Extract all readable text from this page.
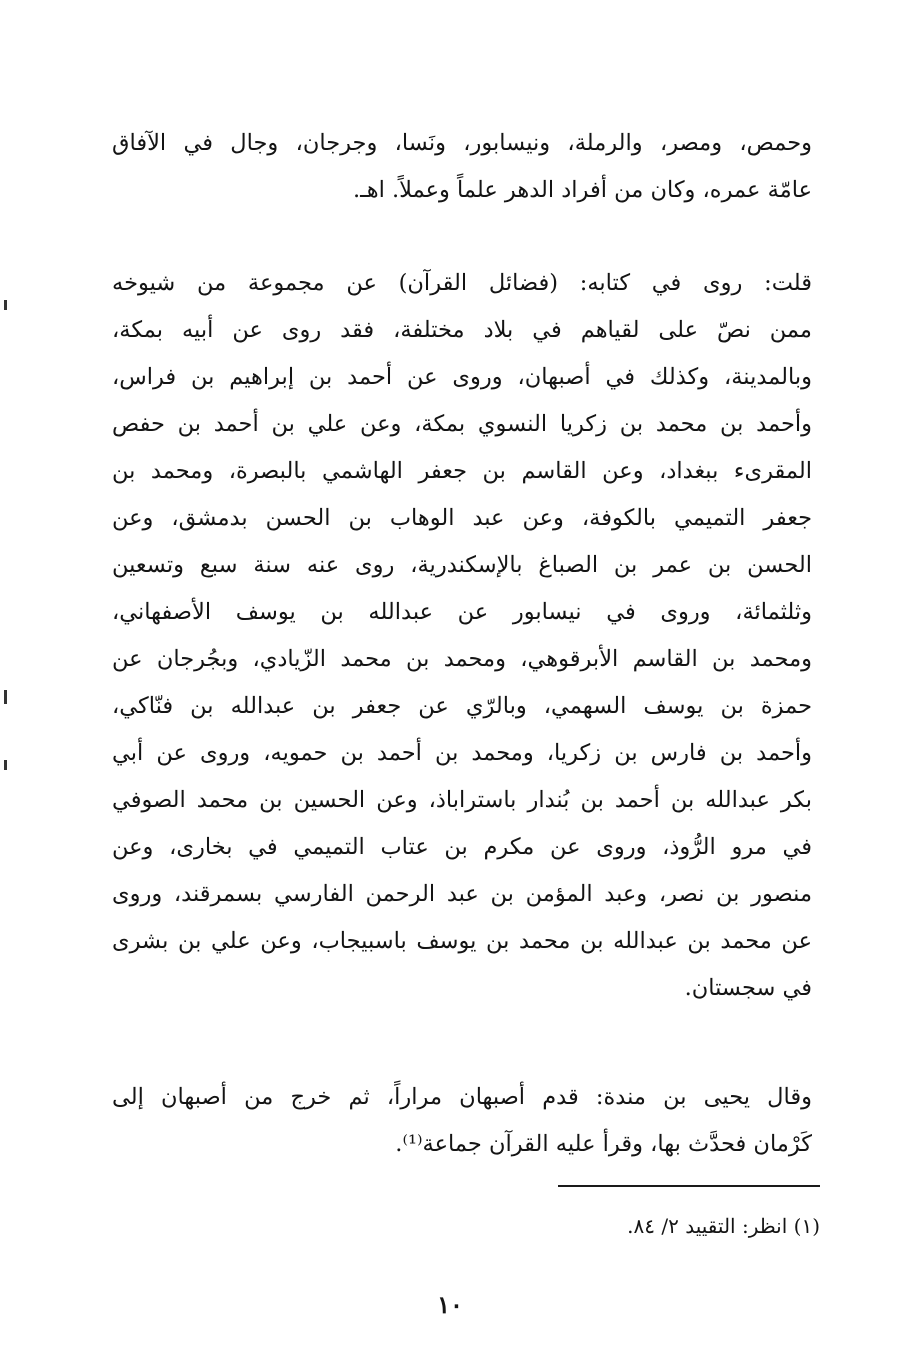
وحمص، ومصر، والرملة، ونيسابور، ونَسا، وجرجان، وجال في الآفاق
عامّة عمره، وكان من أفراد الدهر علماً وعملاً. اهـ.
قلت: روى في كتابه: (فضائل القرآن) عن مجموعة من شيوخه
ممن نصّ على لقياهم في بلاد مختلفة، فقد روى عن أبيه بمكة،
وبالمدينة، وكذلك في أصبهان، وروى عن أحمد بن إبراهيم بن فراس،
وأحمد بن محمد بن زكريا النسوي بمكة، وعن علي بن أحمد بن حفص
المقرىء ببغداد، وعن القاسم بن جعفر الهاشمي بالبصرة، ومحمد بن
جعفر التميمي بالكوفة، وعن عبد الوهاب بن الحسن بدمشق، وعن
الحسن بن عمر بن الصباغ بالإسكندرية، روى عنه سنة سبع وتسعين
وثلثمائة، وروى في نيسابور عن عبدالله بن يوسف الأصفهاني،
ومحمد بن القاسم الأبرقوهي، ومحمد بن محمد الزّيادي، وبجُرجان عن
حمزة بن يوسف السهمي، وبالرّي عن جعفر بن عبدالله بن فنّاكي،
وأحمد بن فارس بن زكريا، ومحمد بن أحمد بن حمويه، وروى عن أبي
بكر عبدالله بن أحمد بن بُندار باستراباذ، وعن الحسين بن محمد الصوفي
في مرو الرُّوذ، وروى عن مكرم بن عتاب التميمي في بخارى، وعن
منصور بن نصر، وعبد المؤمن بن عبد الرحمن الفارسي بسمرقند، وروى
عن محمد بن عبدالله بن محمد بن يوسف باسبيجاب، وعن علي بن بشرى
في سجستان.
وقال يحيى بن مندة: قدم أصبهان مراراً، ثم خرج من أصبهان إلى
كَرْمان فحدَّث بها، وقرأ عليه القرآن جماعة⁽¹⁾.
(١) انظر: التقييد ٢/ ٨٤.
١٠
